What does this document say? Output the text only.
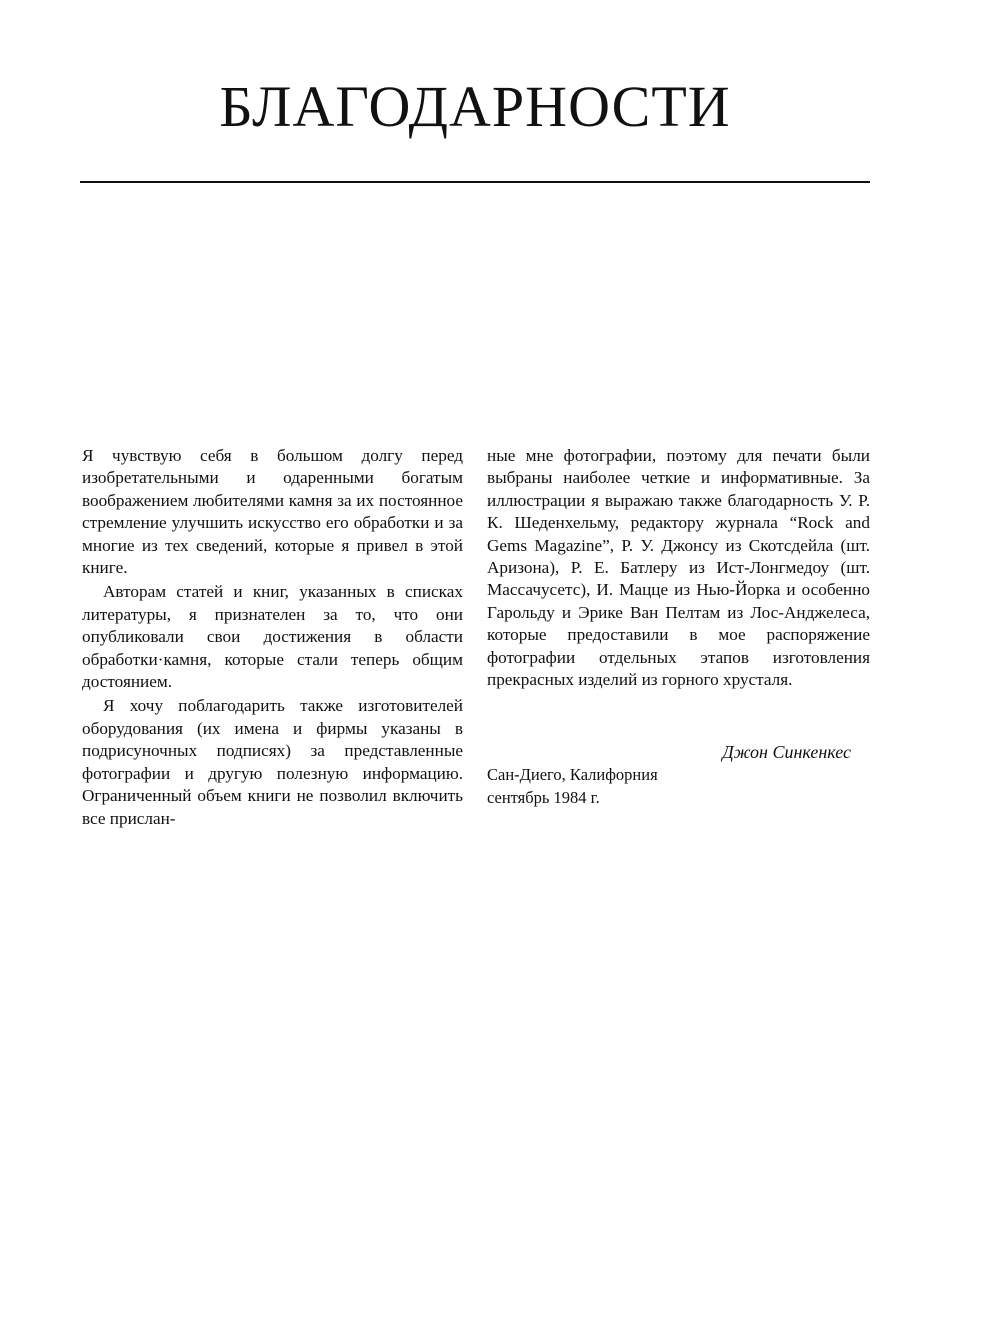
БЛАГОДАРНОСТИ

Я чувствую себя в большом долгу перед изобретательными и одаренными богатым воображением любителями камня за их постоянное стремление улучшить искусство его обработки и за многие из тех сведений, которые я привел в этой книге.

Авторам статей и книг, указанных в списках литературы, я признателен за то, что они опубликовали свои достижения в области обработки·камня, которые стали теперь общим достоянием.

Я хочу поблагодарить также изготовителей оборудования (их имена и фирмы указаны в подрисуночных подписях) за представленные фотографии и другую полезную информацию. Ограниченный объем книги не позволил включить все прислан-

ные мне фотографии, поэтому для печати были выбраны наиболее четкие и информативные. За иллюстрации я выражаю также благодарность У. Р. К. Шеденхельму, редактору журнала “Rock and Gems Magazine”, Р. У. Джонсу из Скотсдейла (шт. Аризона), Р. Е. Батлеру из Ист-Лонгмедоу (шт. Массачусетс), И. Мацце из Нью-Йорка и особенно Гарольду и Эрике Ван Пелтам из Лос-Анджелеса, которые предоставили в мое распоряжение фотографии отдельных этапов изготовления прекрасных изделий из горного хрусталя.

Джон Синкенкес
Сан-Диего, Калифорния
сентябрь 1984 г.
